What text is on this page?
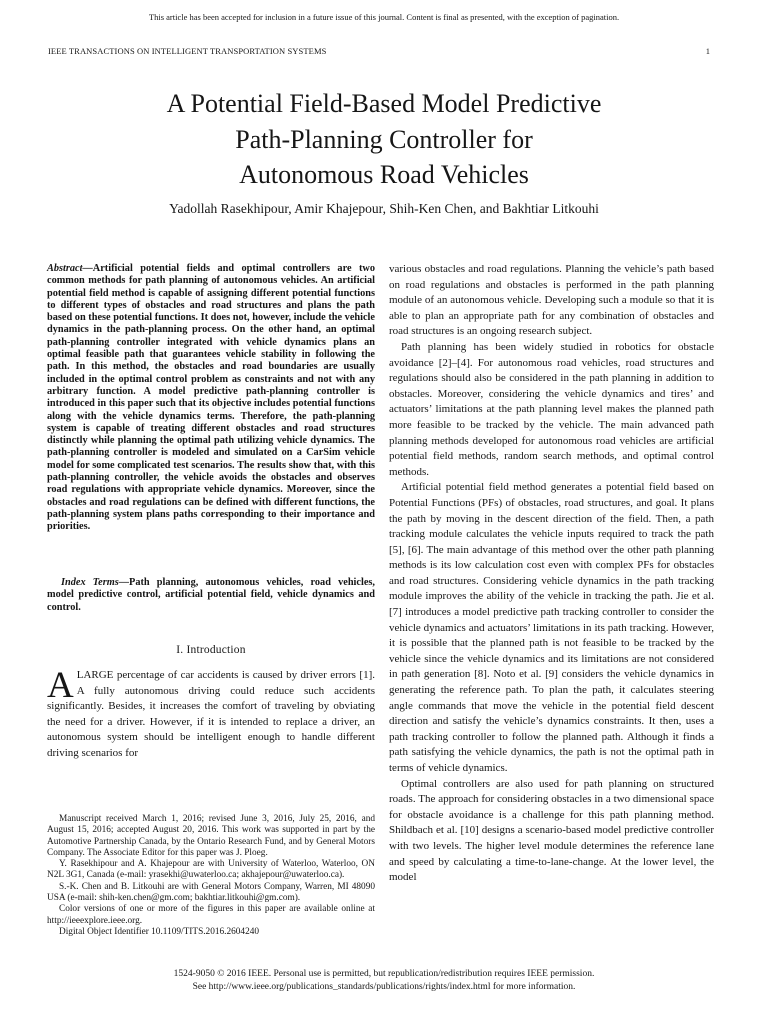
This article has been accepted for inclusion in a future issue of this journal. Content is final as presented, with the exception of pagination.
IEEE TRANSACTIONS ON INTELLIGENT TRANSPORTATION SYSTEMS	1
A Potential Field-Based Model Predictive
Path-Planning Controller for
Autonomous Road Vehicles
Yadollah Rasekhipour, Amir Khajepour, Shih-Ken Chen, and Bakhtiar Litkouhi
Abstract—Artificial potential fields and optimal controllers are two common methods for path planning of autonomous vehicles. An artificial potential field method is capable of assigning different potential functions to different types of obstacles and road structures and plans the path based on these potential functions. It does not, however, include the vehicle dynamics in the path-planning process. On the other hand, an optimal path-planning controller integrated with vehicle dynamics plans an optimal feasible path that guarantees vehicle stability in following the path. In this method, the obstacles and road boundaries are usually included in the optimal control problem as constraints and not with any arbitrary function. A model predictive path-planning controller is introduced in this paper such that its objective includes potential functions along with the vehicle dynamics terms. Therefore, the path-planning system is capable of treating different obstacles and road structures distinctly while planning the optimal path utilizing vehicle dynamics. The path-planning controller is modeled and simulated on a CarSim vehicle model for some complicated test scenarios. The results show that, with this path-planning controller, the vehicle avoids the obstacles and observes road regulations with appropriate vehicle dynamics. Moreover, since the obstacles and road regulations can be defined with different functions, the path-planning system plans paths corresponding to their importance and priorities.
Index Terms—Path planning, autonomous vehicles, road vehicles, model predictive control, artificial potential field, vehicle dynamics and control.
I. Introduction
ALARGE percentage of car accidents is caused by driver errors [1]. A fully autonomous driving could reduce such accidents significantly. Besides, it increases the comfort of traveling by obviating the need for a driver. However, if it is intended to replace a driver, an autonomous system should be intelligent enough to handle different driving scenarios for

Manuscript received March 1, 2016; revised June 3, 2016, July 25, 2016, and August 15, 2016; accepted August 20, 2016. This work was supported in part by the Automotive Partnership Canada, by the Ontario Research Fund, and by General Motors Company. The Associate Editor for this paper was J. Ploeg.

Y. Rasekhipour and A. Khajepour are with University of Waterloo, Waterloo, ON N2L 3G1, Canada (e-mail: yrasekhi@uwaterloo.ca; akhajepour@uwaterloo.ca).

S.-K. Chen and B. Litkouhi are with General Motors Company, Warren, MI 48090 USA (e-mail: shih-ken.chen@gm.com; bakhtiar.litkouhi@gm.com).

Color versions of one or more of the figures in this paper are available online at http://ieeexplore.ieee.org.

Digital Object Identifier 10.1109/TITS.2016.2604240

various obstacles and road regulations. Planning the vehicle’s path based on road regulations and obstacles is performed in the path planning module of an autonomous vehicle. Developing such a module so that it is able to plan an appropriate path for any combination of obstacles and road structures is an ongoing research subject.

Path planning has been widely studied in robotics for obstacle avoidance [2]–[4]. For autonomous road vehicles, road structures and regulations should also be considered in the path planning in addition to obstacles. Moreover, considering the vehicle dynamics and tires’ and actuators’ limitations at the path planning level makes the planned path more feasible to be tracked by the vehicle. The main advanced path planning methods developed for autonomous road vehicles are artificial potential field methods, random search methods, and optimal control methods.

Artificial potential field method generates a potential field based on Potential Functions (PFs) of obstacles, road structures, and goal. It plans the path by moving in the descent direction of the field. Then, a path tracking module calculates the vehicle inputs required to track the path [5], [6]. The main advantage of this method over the other path planning methods is its low calculation cost even with complex PFs for obstacles and road structures. Considering vehicle dynamics in the path tracking module improves the ability of the vehicle in tracking the path. Jie et al. [7] introduces a model predictive path tracking controller to consider the vehicle dynamics and actuators’ limitations in its path tracking. However, it is possible that the planned path is not feasible to be tracked by the vehicle since the vehicle dynamics and its limitations are not considered in path generation [8]. Noto et al. [9] considers the vehicle dynamics in generating the reference path. To plan the path, it calculates steering angle commands that move the vehicle in the potential field descent direction and satisfy the vehicle’s dynamics constraints. It then, uses a path tracking controller to follow the planned path. Although it finds a path satisfying the vehicle dynamics, the path is not the optimal path in terms of vehicle dynamics.

Optimal controllers are also used for path planning on structured roads. The approach for considering obstacles in a two dimensional space for obstacle avoidance is a challenge for this path planning method. Shildbach et al. [10] designs a scenario-based model predictive controller with two levels. The higher level module determines the reference lane and speed by calculating a time-to-lane-change. At the lower level, the model

1524-9050 © 2016 IEEE. Personal use is permitted, but republication/redistribution requires IEEE permission.
See http://www.ieee.org/publications_standards/publications/rights/index.html for more information.
